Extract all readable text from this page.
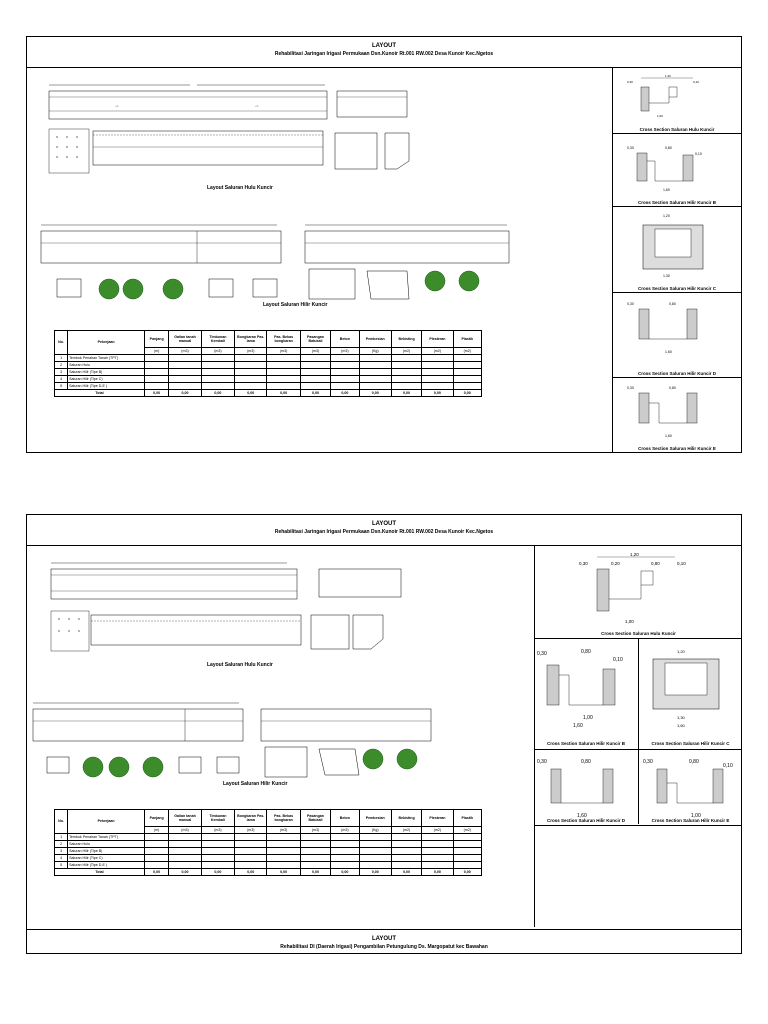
LAYOUT
Rehabilitasi Jaringan Irigasi Permukaan Dsn.Kunoir Rt.001 RW.002 Desa Kunoir Kec.Ngetos
~>	~>
Layout Saluran Hulu Kuncir
Layout Saluran Hilir Kuncir
No.	Pekerjaan	Panjang	Galian tanah manual	Timbunan Kembali	Bongkaran Pas. lama	Pas. Bekas bongkaran	Pasangan Batukali	Beton	Pembesian	Bekisting	Plesteran	Plastik
		(m)	(m3)	(m3)	(m3)	(m3)	(m3)	(m3)	(Kg)	(m2)	(m2)	(m2)
1	Tembok Penahan Tanah (TPT)											
2	Saluran Hulu											
3	Saluran Hilir (Tipe B)											
4	Saluran Hilir (Tipe C)											
5	Saluran Hilir (Tipe D-E )											
Total		0,00	0,00	0,00	0,00	0,00	0,00	0,00	0,00	0,00	0,00	0,00
1,20
0,30	0,10
1,00
Cross Section Saluran Hulu Kuncir
0,30	0,80
0,10
1,60
Cross Section Saluran Hilir Kuncir B
1,20
1,30
Cross Section Saluran Hilir Kuncir C
0,30	0,80
1,60
Cross Section Saluran Hilir Kuncir D
0,30	0,80
1,60
Cross Section Saluran Hilir Kuncir E
LAYOUT
Rehabilitasi Jaringan Irigasi Permukaan Dsn.Kunoir Rt.001 RW.002 Desa Kunoir Kec.Ngetos
Layout Saluran Hulu Kuncir
Layout Saluran Hilir Kuncir
No.	Pekerjaan	Panjang	Galian tanah manual	Timbunan Kembali	Bongkaran Pas. lama	Pas. Bekas bongkaran	Pasangan Batukali	Beton	Pembesian	Bekisting	Plesteran	Plastik
		(m)	(m3)	(m3)	(m3)	(m3)	(m3)	(m3)	(Kg)	(m2)	(m2)	(m2)
1	Tembok Penahan Tanah (TPT)											
2	Saluran Hulu											
3	Saluran Hilir (Tipe B)											
4	Saluran Hilir (Tipe C)											
5	Saluran Hilir (Tipe D-E )											
Total		0,00	0,00	0,00	0,00	0,00	0,00	0,00	0,00	0,00	0,00	0,00
1,20
0,30	0,20	0,80	0,10
1,00
Cross Section Saluran Hulu Kuncir
0,30	0,80
0,10
1,00
1,60
Cross Section Saluran Hilir Kuncir B
1,20
1,30
1,60
Cross Section Saluran Hilir Kuncir C
0,30	0,80
1,60
Cross Section Saluran Hilir Kuncir D
0,30	0,80
0,10
1,00
Cross Section Saluran Hilir Kuncir E
LAYOUT
Rehabilitasi DI (Daerah Irigasi) Pengambilan Petungulung Ds. Margopatut kec Bawahan
